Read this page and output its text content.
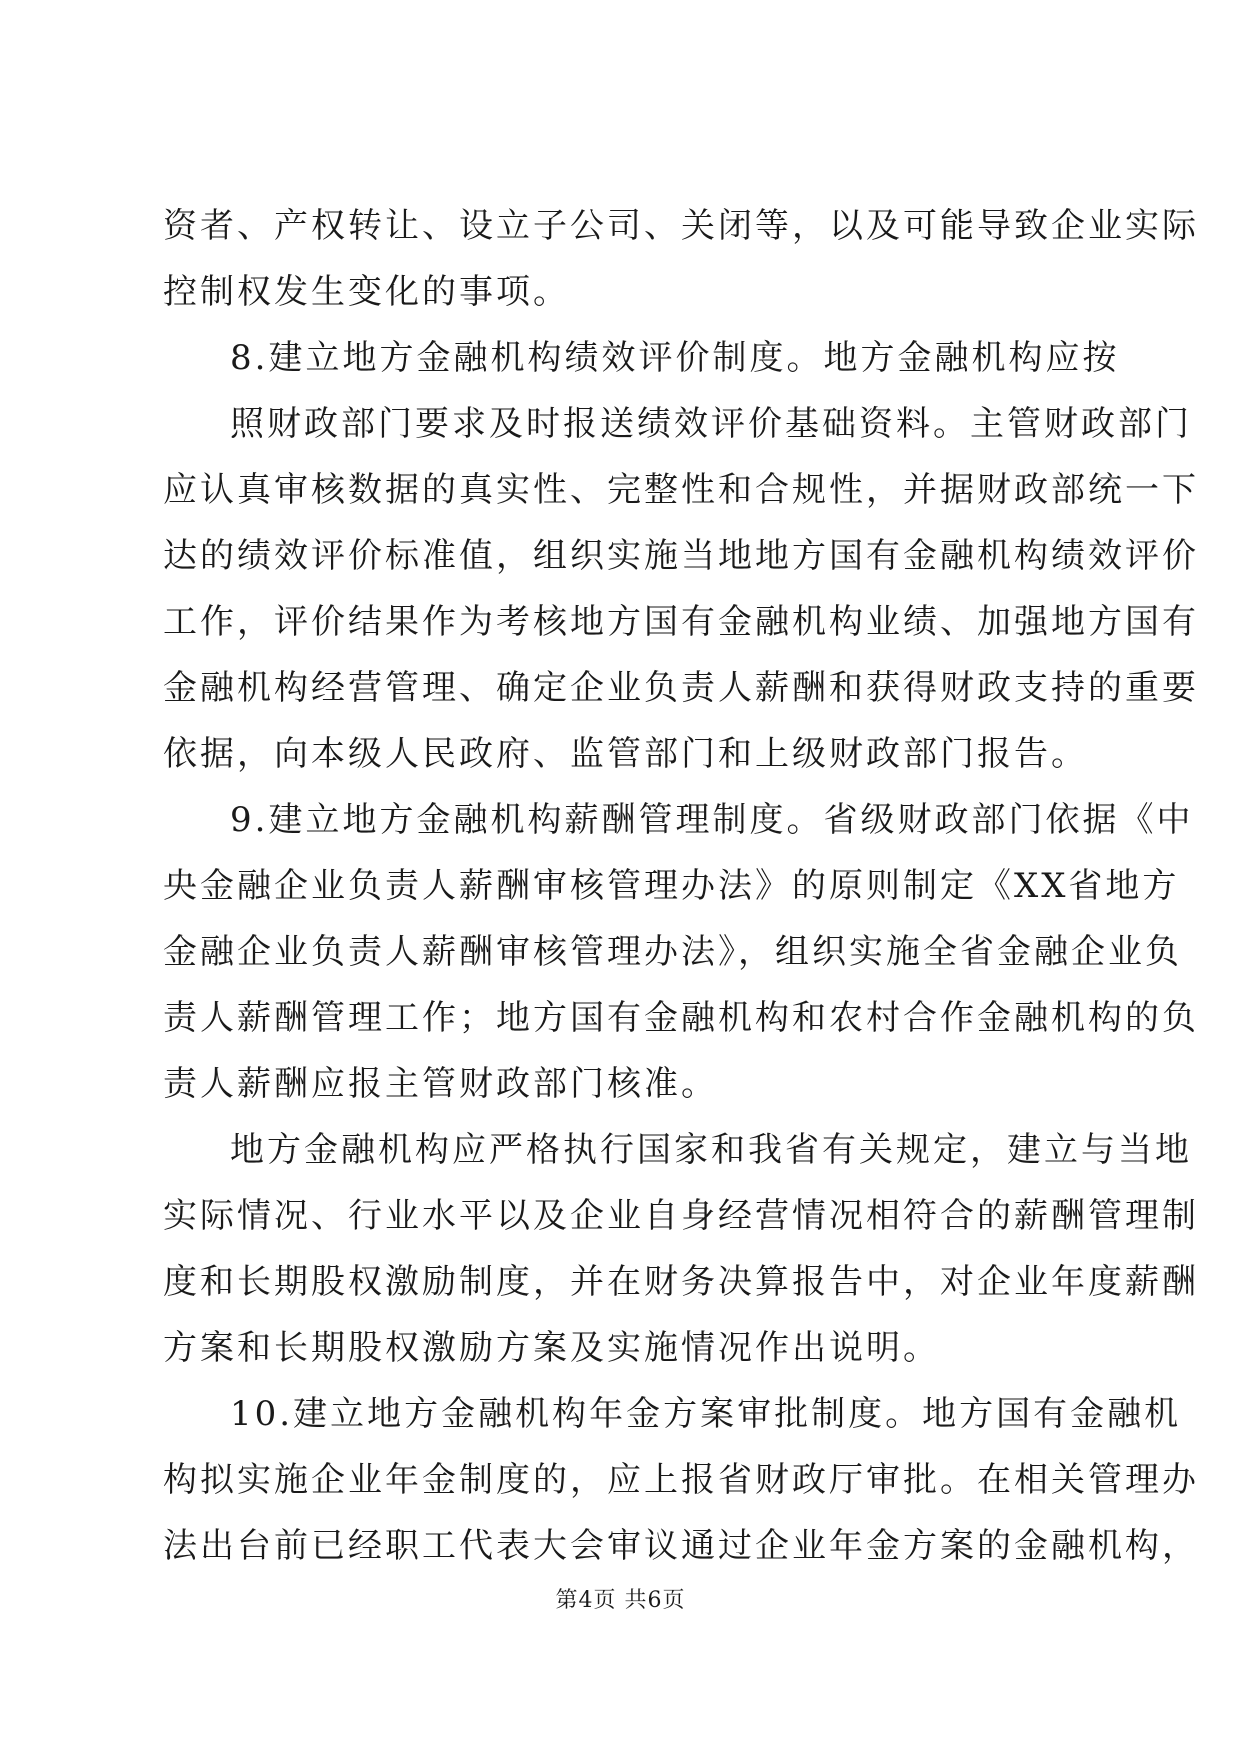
资者、产权转让、设立子公司、关闭等，以及可能导致企业实际
控制权发生变化的事项。
8.建立地方金融机构绩效评价制度。地方金融机构应按
照财政部门要求及时报送绩效评价基础资料。主管财政部门
应认真审核数据的真实性、完整性和合规性，并据财政部统一下
达的绩效评价标准值，组织实施当地地方国有金融机构绩效评价
工作，评价结果作为考核地方国有金融机构业绩、加强地方国有
金融机构经营管理、确定企业负责人薪酬和获得财政支持的重要
依据，向本级人民政府、监管部门和上级财政部门报告。
9.建立地方金融机构薪酬管理制度。省级财政部门依据《中
央金融企业负责人薪酬审核管理办法》的原则制定《XX省地方
金融企业负责人薪酬审核管理办法》，组织实施全省金融企业负
责人薪酬管理工作；地方国有金融机构和农村合作金融机构的负
责人薪酬应报主管财政部门核准。
地方金融机构应严格执行国家和我省有关规定，建立与当地
实际情况、行业水平以及企业自身经营情况相符合的薪酬管理制
度和长期股权激励制度，并在财务决算报告中，对企业年度薪酬
方案和长期股权激励方案及实施情况作出说明。
10.建立地方金融机构年金方案审批制度。地方国有金融机
构拟实施企业年金制度的，应上报省财政厅审批。在相关管理办
法出台前已经职工代表大会审议通过企业年金方案的金融机构，
第4页 共6页
